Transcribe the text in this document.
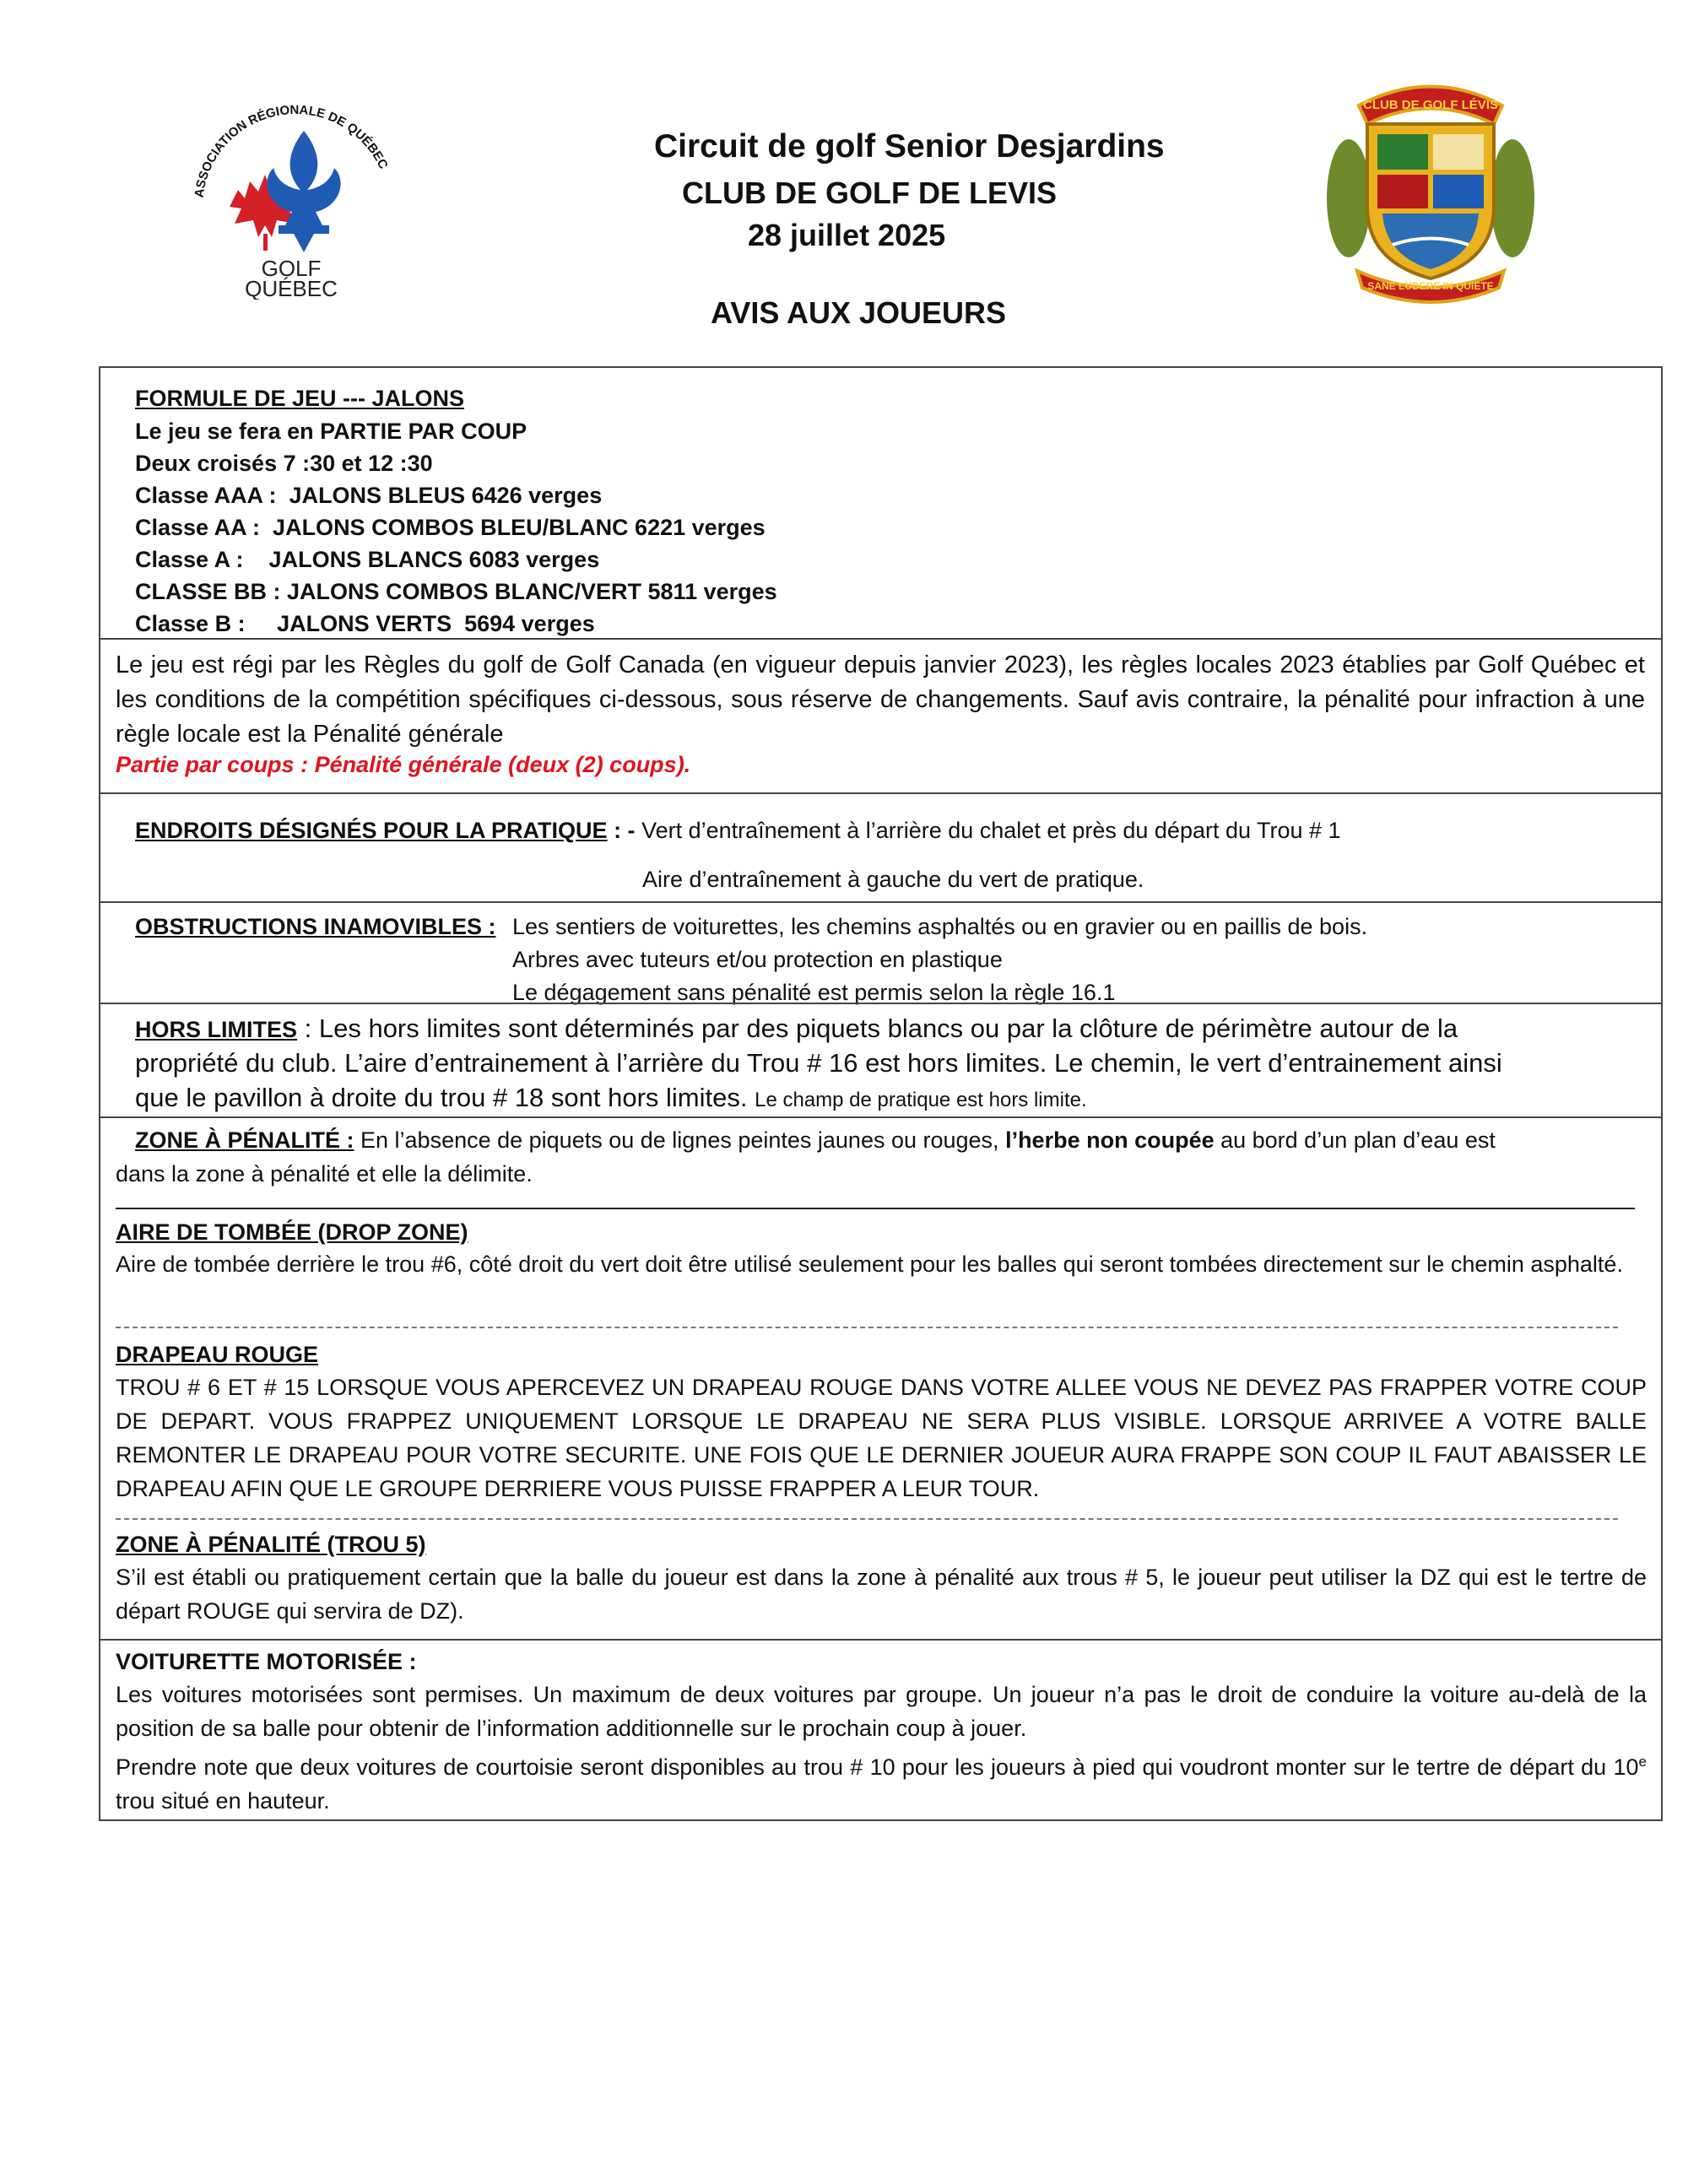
ASSOCIATION RÉGIONALE DE QUÉBEC
GOLF
QUÉBEC
Circuit de golf Senior Desjardins
CLUB DE GOLF DE LEVIS
28 juillet 2025
AVIS AUX JOUEURS
CLUB DE GOLF LÉVIS
SANE LUDERE IN QUIETE
FORMULE DE JEU --- JALONS
Le jeu se fera en PARTIE PAR COUP
Deux croisés 7 :30 et 12 :30
Classe AAA :  JALONS BLEUS 6426 verges
Classe AA :  JALONS COMBOS BLEU/BLANC 6221 verges
Classe A :    JALONS BLANCS 6083 verges
CLASSE BB : JALONS COMBOS BLANC/VERT 5811 verges
Classe B :     JALONS VERTS  5694 verges
Le jeu est régi par les Règles du golf de Golf Canada (en vigueur depuis janvier 2023), les règles locales 2023 établies par Golf Québec et les conditions de la compétition spécifiques ci-dessous, sous réserve de changements. Sauf avis contraire, la pénalité pour infraction à une règle locale est la Pénalité générale
Partie par coups : Pénalité générale (deux (2) coups).
ENDROITS DÉSIGNÉS POUR LA PRATIQUE : - Vert d’entraînement à l’arrière du chalet et près du départ du Trou # 1
Aire d’entraînement à gauche du vert de pratique.
OBSTRUCTIONS INAMOVIBLES : Les sentiers de voiturettes, les chemins asphaltés ou en gravier ou en paillis de bois.
Arbres avec tuteurs et/ou protection en plastique
Le dégagement sans pénalité est permis selon la règle 16.1
HORS LIMITES : Les hors limites sont déterminés par des piquets blancs ou par la clôture de périmètre autour de la
propriété du club. L’aire d’entrainement à l’arrière du Trou # 16 est hors limites. Le chemin, le vert d’entrainement ainsi
que le pavillon à droite du trou # 18 sont hors limites. Le champ de pratique est hors limite.
ZONE À PÉNALITÉ : En l’absence de piquets ou de lignes peintes jaunes ou rouges, l’herbe non coupée au bord d’un plan d’eau est
dans la zone à pénalité et elle la délimite.
AIRE DE TOMBÉE (DROP ZONE)
Aire de tombée derrière le trou #6, côté droit du vert doit être utilisé seulement pour les balles qui seront tombées directement sur le chemin asphalté.
DRAPEAU ROUGE
TROU # 6 ET # 15 LORSQUE VOUS APERCEVEZ UN DRAPEAU ROUGE DANS VOTRE ALLEE VOUS NE DEVEZ PAS FRAPPER VOTRE COUP DE DEPART. VOUS FRAPPEZ UNIQUEMENT LORSQUE LE DRAPEAU NE SERA PLUS VISIBLE. LORSQUE ARRIVEE A VOTRE BALLE REMONTER LE DRAPEAU POUR VOTRE SECURITE. UNE FOIS QUE LE DERNIER JOUEUR AURA FRAPPE SON COUP IL FAUT ABAISSER LE DRAPEAU AFIN QUE LE GROUPE DERRIERE VOUS PUISSE FRAPPER A LEUR TOUR.
ZONE À PÉNALITÉ (TROU 5)
S’il est établi ou pratiquement certain que la balle du joueur est dans la zone à pénalité aux trous # 5, le joueur peut utiliser la DZ qui est le tertre de départ ROUGE qui servira de DZ).
VOITURETTE MOTORISÉE :
Les voitures motorisées sont permises. Un maximum de deux voitures par groupe. Un joueur n’a pas le droit de conduire la voiture au-delà de la position de sa balle pour obtenir de l’information additionnelle sur le prochain coup à jouer.
Prendre note que deux voitures de courtoisie seront disponibles au trou # 10 pour les joueurs à pied qui voudront monter sur le tertre de départ du 10e trou situé en hauteur.
